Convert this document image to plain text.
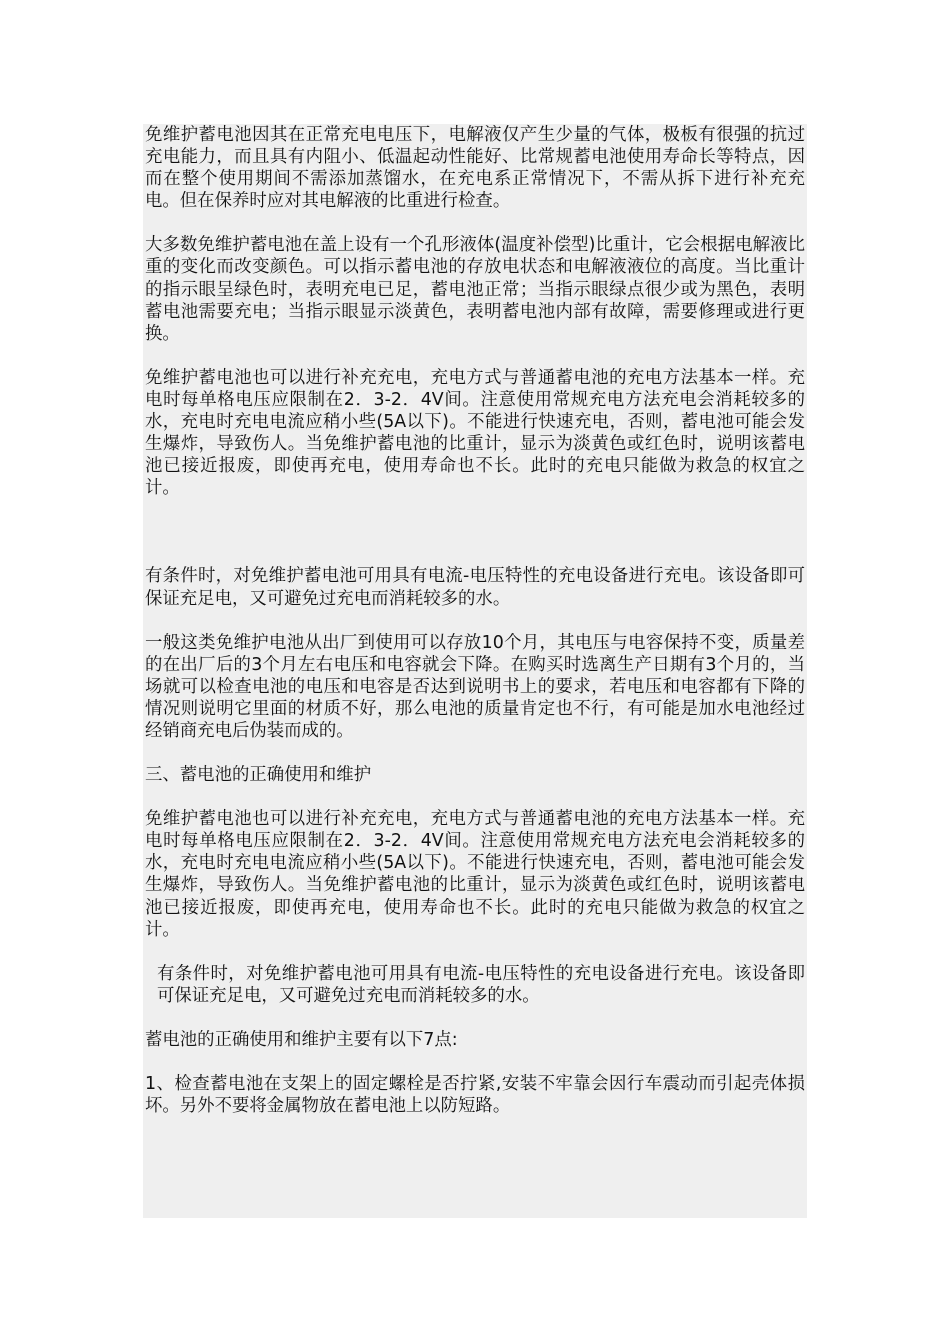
免维护蓄电池因其在正常充电电压下，电解液仅产生少量的气体，极板有很强的抗过充电能力，而且具有内阻小、低温起动性能好、比常规蓄电池使用寿命长等特点，因而在整个使用期间不需添加蒸馏水，在充电系正常情况下，不需从拆下进行补充充电。但在保养时应对其电解液的比重进行检查。

大多数免维护蓄电池在盖上设有一个孔形液体(温度补偿型)比重计，它会根据电解液比重的变化而改变颜色。可以指示蓄电池的存放电状态和电解液液位的高度。当比重计的指示眼呈绿色时，表明充电已足，蓄电池正常；当指示眼绿点很少或为黑色，表明蓄电池需要充电；当指示眼显示淡黄色，表明蓄电池内部有故障，需要修理或进行更换。

免维护蓄电池也可以进行补充充电，充电方式与普通蓄电池的充电方法基本一样。充电时每单格电压应限制在2．3-2．4V间。注意使用常规充电方法充电会消耗较多的水，充电时充电电流应稍小些(5A以下)。不能进行快速充电，否则，蓄电池可能会发生爆炸，导致伤人。当免维护蓄电池的比重计，显示为淡黄色或红色时，说明该蓄电池已接近报废，即使再充电，使用寿命也不长。此时的充电只能做为救急的权宜之计。

有条件时，对免维护蓄电池可用具有电流-电压特性的充电设备进行充电。该设备即可保证充足电，又可避免过充电而消耗较多的水。

一般这类免维护电池从出厂到使用可以存放10个月，其电压与电容保持不变，质量差的在出厂后的3个月左右电压和电容就会下降。在购买时选离生产日期有3个月的，当场就可以检查电池的电压和电容是否达到说明书上的要求，若电压和电容都有下降的情况则说明它里面的材质不好，那么电池的质量肯定也不行，有可能是加水电池经过经销商充电后伪装而成的。

三、蓄电池的正确使用和维护

免维护蓄电池也可以进行补充充电，充电方式与普通蓄电池的充电方法基本一样。充电时每单格电压应限制在2．3-2．4V间。注意使用常规充电方法充电会消耗较多的水，充电时充电电流应稍小些(5A以下)。不能进行快速充电，否则，蓄电池可能会发生爆炸，导致伤人。当免维护蓄电池的比重计，显示为淡黄色或红色时，说明该蓄电池已接近报废，即使再充电，使用寿命也不长。此时的充电只能做为救急的权宜之计。

有条件时，对免维护蓄电池可用具有电流-电压特性的充电设备进行充电。该设备即可保证充足电，又可避免过充电而消耗较多的水。

蓄电池的正确使用和维护主要有以下7点:

1、检查蓄电池在支架上的固定螺栓是否拧紧,安装不牢靠会因行车震动而引起壳体损坏。另外不要将金属物放在蓄电池上以防短路。
